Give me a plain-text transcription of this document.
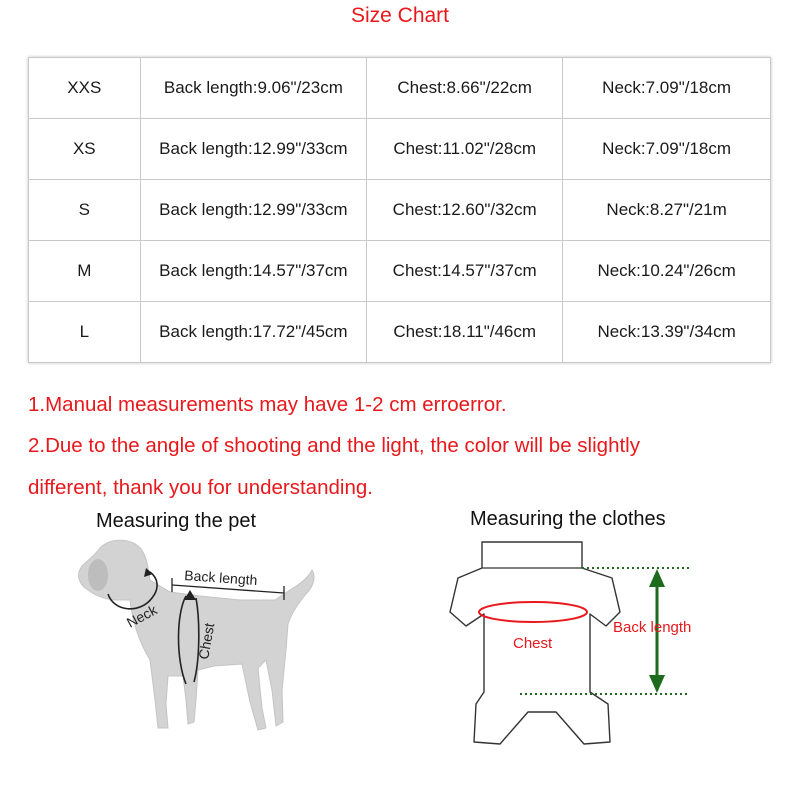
Size Chart
XXS	Back length:9.06"/23cm	Chest:8.66"/22cm	Neck:7.09"/18cm
XS	Back length:12.99"/33cm	Chest:11.02"/28cm	Neck:7.09"/18cm
S	Back length:12.99"/33cm	Chest:12.60"/32cm	Neck:8.27"/21m
M	Back length:14.57"/37cm	Chest:14.57"/37cm	Neck:10.24"/26cm
L	Back length:17.72"/45cm	Chest:18.11"/46cm	Neck:13.39"/34cm
1.Manual measurements may have 1-2 cm erroerror.
2.Due to the angle of shooting and the light, the color will be slightly
different, thank you for understanding.
Measuring the pet	Measuring the clothes
Back length
Neck
Chest	Chest
Back length
